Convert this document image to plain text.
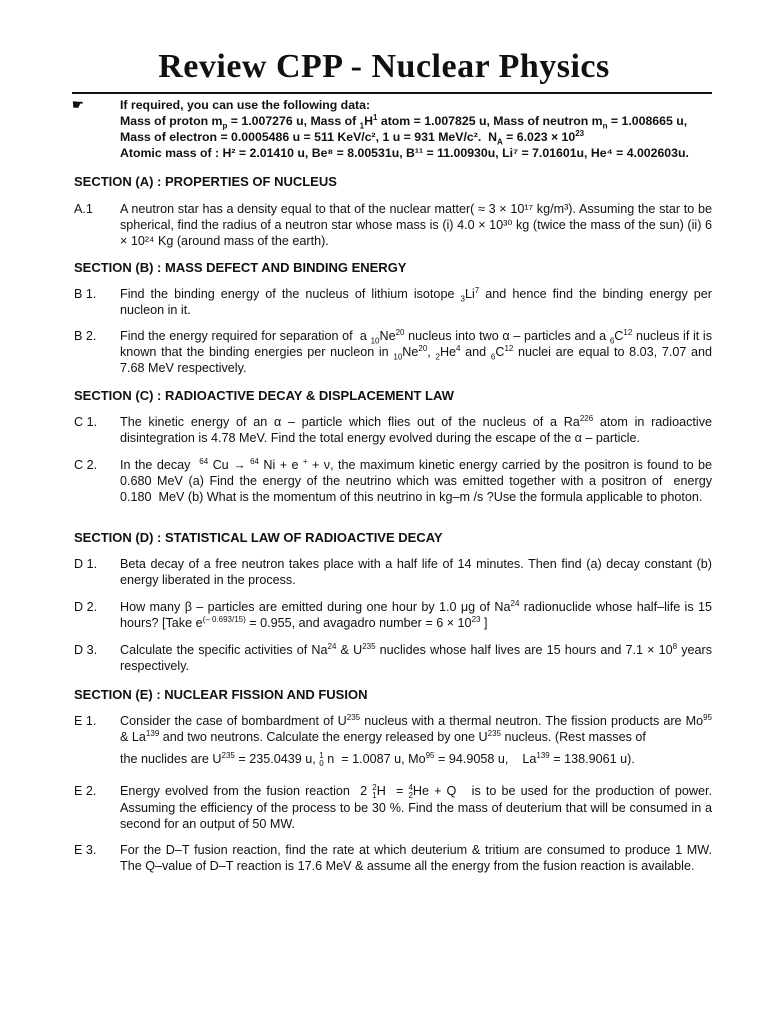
Review CPP - Nuclear Physics
☛	If required, you can use the following data:
Mass of proton $m_p = 1.007276$ u, Mass of $_1H^1$ atom = 1.007825 u, Mass of neutron $m_n = 1.008665$ u,
Mass of electron = 0.0005486 u = 511 KeV/c², 1 u = 931 MeV/c².  $N_A = 6.023 \times 10^{23}$
Atomic mass of : H² = 2.01410 u, Be⁸ = 8.00531u, B¹¹ = 11.00930u, Li⁷ = 7.01601u, He⁴ = 4.002603u.
SECTION (A) : PROPERTIES OF NUCLEUS
A.1 A neutron star has a density equal to that of the nuclear matter( ≈ 3 × 10¹⁷ kg/m³). Assuming the star to be spherical, find the radius of a neutron star whose mass is (i) 4.0 × 10³⁰ kg (twice the mass of the sun) (ii) 6 × 10²⁴ Kg (around mass of the earth).
SECTION (B) : MASS DEFECT AND BINDING ENERGY
B 1. Find the binding energy of the nucleus of lithium isotope $_3Li^7$ and hence find the binding energy per nucleon in it.
B 2. Find the energy required for separation of  a $_{10}Ne^{20}$ nucleus into two α – particles and a $_6C^{12}$ nucleus if it is known that the binding energies per nucleon in $_{10}Ne^{20}$, $_2He^4$ and $_6C^{12}$ nuclei are equal to 8.03, 7.07 and 7.68 MeV respectively.
SECTION (C) : RADIOACTIVE DECAY & DISPLACEMENT LAW
C 1. The kinetic energy of an α – particle which flies out of the nucleus of a Ra$^{226}$ atom in radioactive disintegration is 4.78 MeV. Find the total energy evolved during the escape of the α – particle.
C 2. In the decay  $^{64}$ Cu → $^{64}$ Ni + e + + ν, the maximum kinetic energy carried by the positron is found to be 0.680 MeV (a) Find the energy of the neutrino which was emitted together with a positron of  energy 0.180  MeV (b) What is the momentum of this neutrino in kg–m /s ?Use the formula applicable to photon.
SECTION (D) : STATISTICAL LAW OF RADIOACTIVE DECAY
D 1. Beta decay of a free neutron takes place with a half life of 14 minutes. Then find (a) decay constant (b) energy liberated in the process.
D 2. How many β – particles are emitted during one hour by 1.0 μg of Na$^{24}$ radionuclide whose half–life is 15 hours? [Take $e^{(- 0.693/15)} = 0.955$, and avagadro number = $6 \times 10^{23}$ ]
D 3. Calculate the specific activities of Na$^{24}$ & $U^{235}$ nuclides whose half lives are 15 hours and $7.1 \times 10^8$ years respectively.
SECTION (E) : NUCLEAR FISSION AND FUSION
E 1. Consider the case of bombardment of $U^{235}$ nucleus with a thermal neutron. The fission products are Mo$^{95}$ & La$^{139}$ and two neutrons. Calculate the energy released by one $U^{235}$ nucleus. (Rest masses of
the nuclides are $U^{235} = 235.0439$ u, 1
0 n  = 1.0087 u, $Mo^{95} = 94.9058$ u,    $La^{139} = 138.9061$ u).
E 2. Energy evolved from the fusion reaction  2 2
1H  = 4
2He + Q   is to be used for the production of power. Assuming the efficiency of the process to be 30 %. Find the mass of deuterium that will be consumed in a second for an output of 50 MW.
E 3. For the D–T fusion reaction, find the rate at which deuterium & tritium are consumed to produce 1 MW. The Q–value of D–T reaction is 17.6 MeV & assume all the energy from the fusion reaction is available.
